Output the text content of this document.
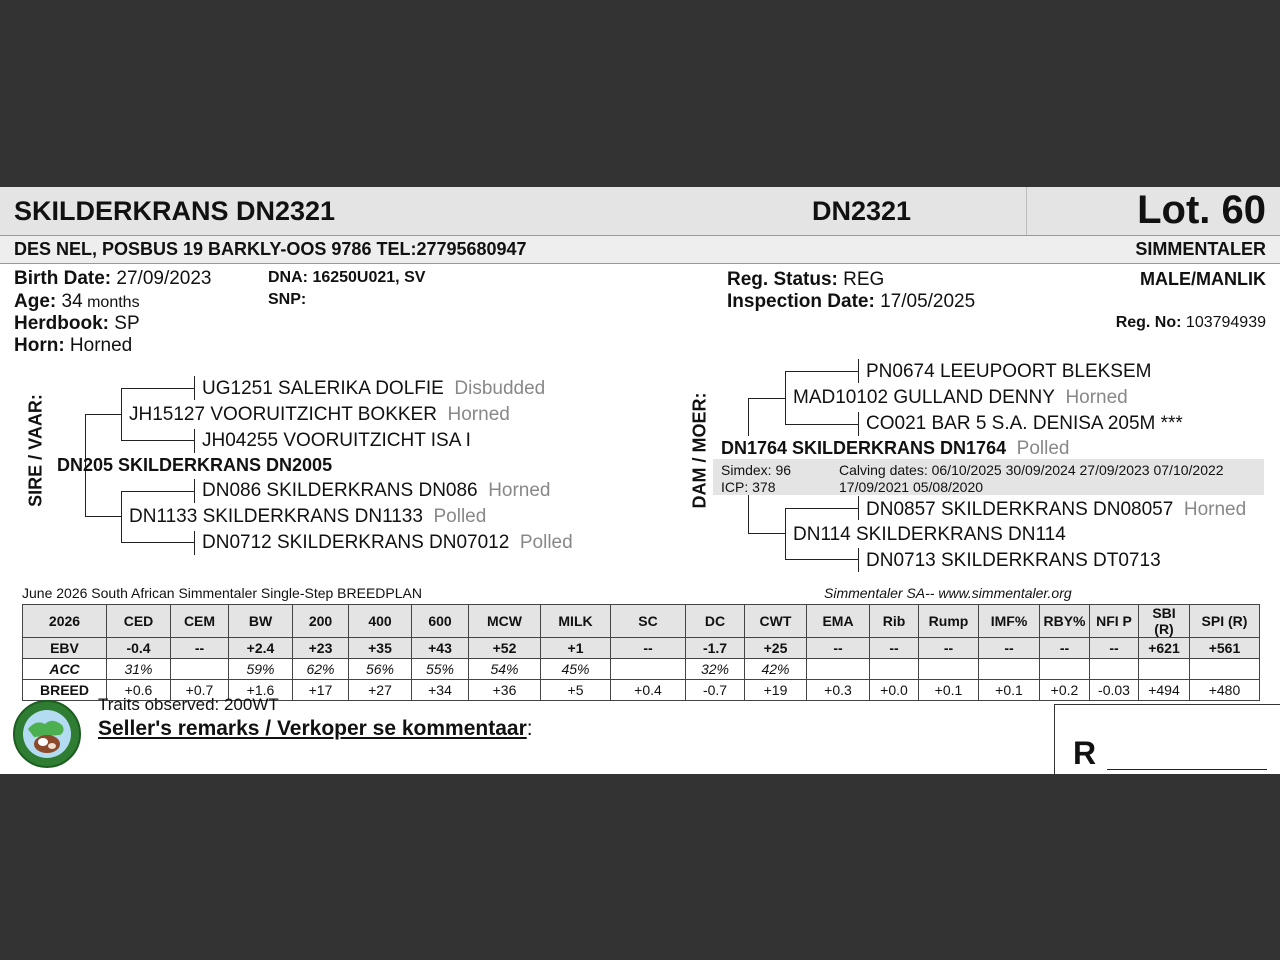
SKILDERKRANS DN2321	DN2321	Lot. 60
DES NEL, POSBUS 19 BARKLY-OOS 9786 TEL:27795680947	SIMMENTALER
Birth Date: 27/09/2023
Age: 34 months
Herdbook: SP
Horn: Horned
DNA: 16250U021, SV
SNP:
Reg. Status: REG
Inspection Date: 17/05/2025
MALE/MANLIK
Reg. No: 103794939
SIRE / VAAR:
UG1251 SALERIKA DOLFIE Disbudded
JH15127 VOORUITZICHT BOKKER Horned
JH04255 VOORUITZICHT ISA I
DN205 SKILDERKRANS DN2005
DN086 SKILDERKRANS DN086 Horned
DN1133 SKILDERKRANS DN1133 Polled
DN0712 SKILDERKRANS DN07012 Polled
DAM / MOER:
PN0674 LEEUPOORT BLEKSEM
MAD10102 GULLAND DENNY Horned
CO021 BAR 5 S.A. DENISA 205M ***
DN1764 SKILDERKRANS DN1764 Polled
Simdex: 96
ICP: 378
Calving dates: 06/10/2025 30/09/2024 27/09/2023 07/10/2022
17/09/2021 05/08/2020
DN0857 SKILDERKRANS DN08057 Horned
DN114 SKILDERKRANS DN114
DN0713 SKILDERKRANS DT0713
June 2026 South African Simmentaler Single-Step BREEDPLAN	Simmentaler SA-- www.simmentaler.org
2026	CED	CEM	BW	200	400	600	MCW	MILK	SC	DC	CWT	EMA	Rib	Rump	IMF%	RBY%	NFI P	SBI (R)	SPI (R)
EBV	-0.4	--	+2.4	+23	+35	+43	+52	+1	--	-1.7	+25	--	--	--	--	--	--	+621	+561
ACC	31%		59%	62%	56%	55%	54%	45%		32%	42%								
BREED	+0.6	+0.7	+1.6	+17	+27	+34	+36	+5	+0.4	-0.7	+19	+0.3	+0.0	+0.1	+0.1	+0.2	-0.03	+494	+480
Traits observed: 200WT
Seller's remarks / Verkoper se kommentaar:
R
